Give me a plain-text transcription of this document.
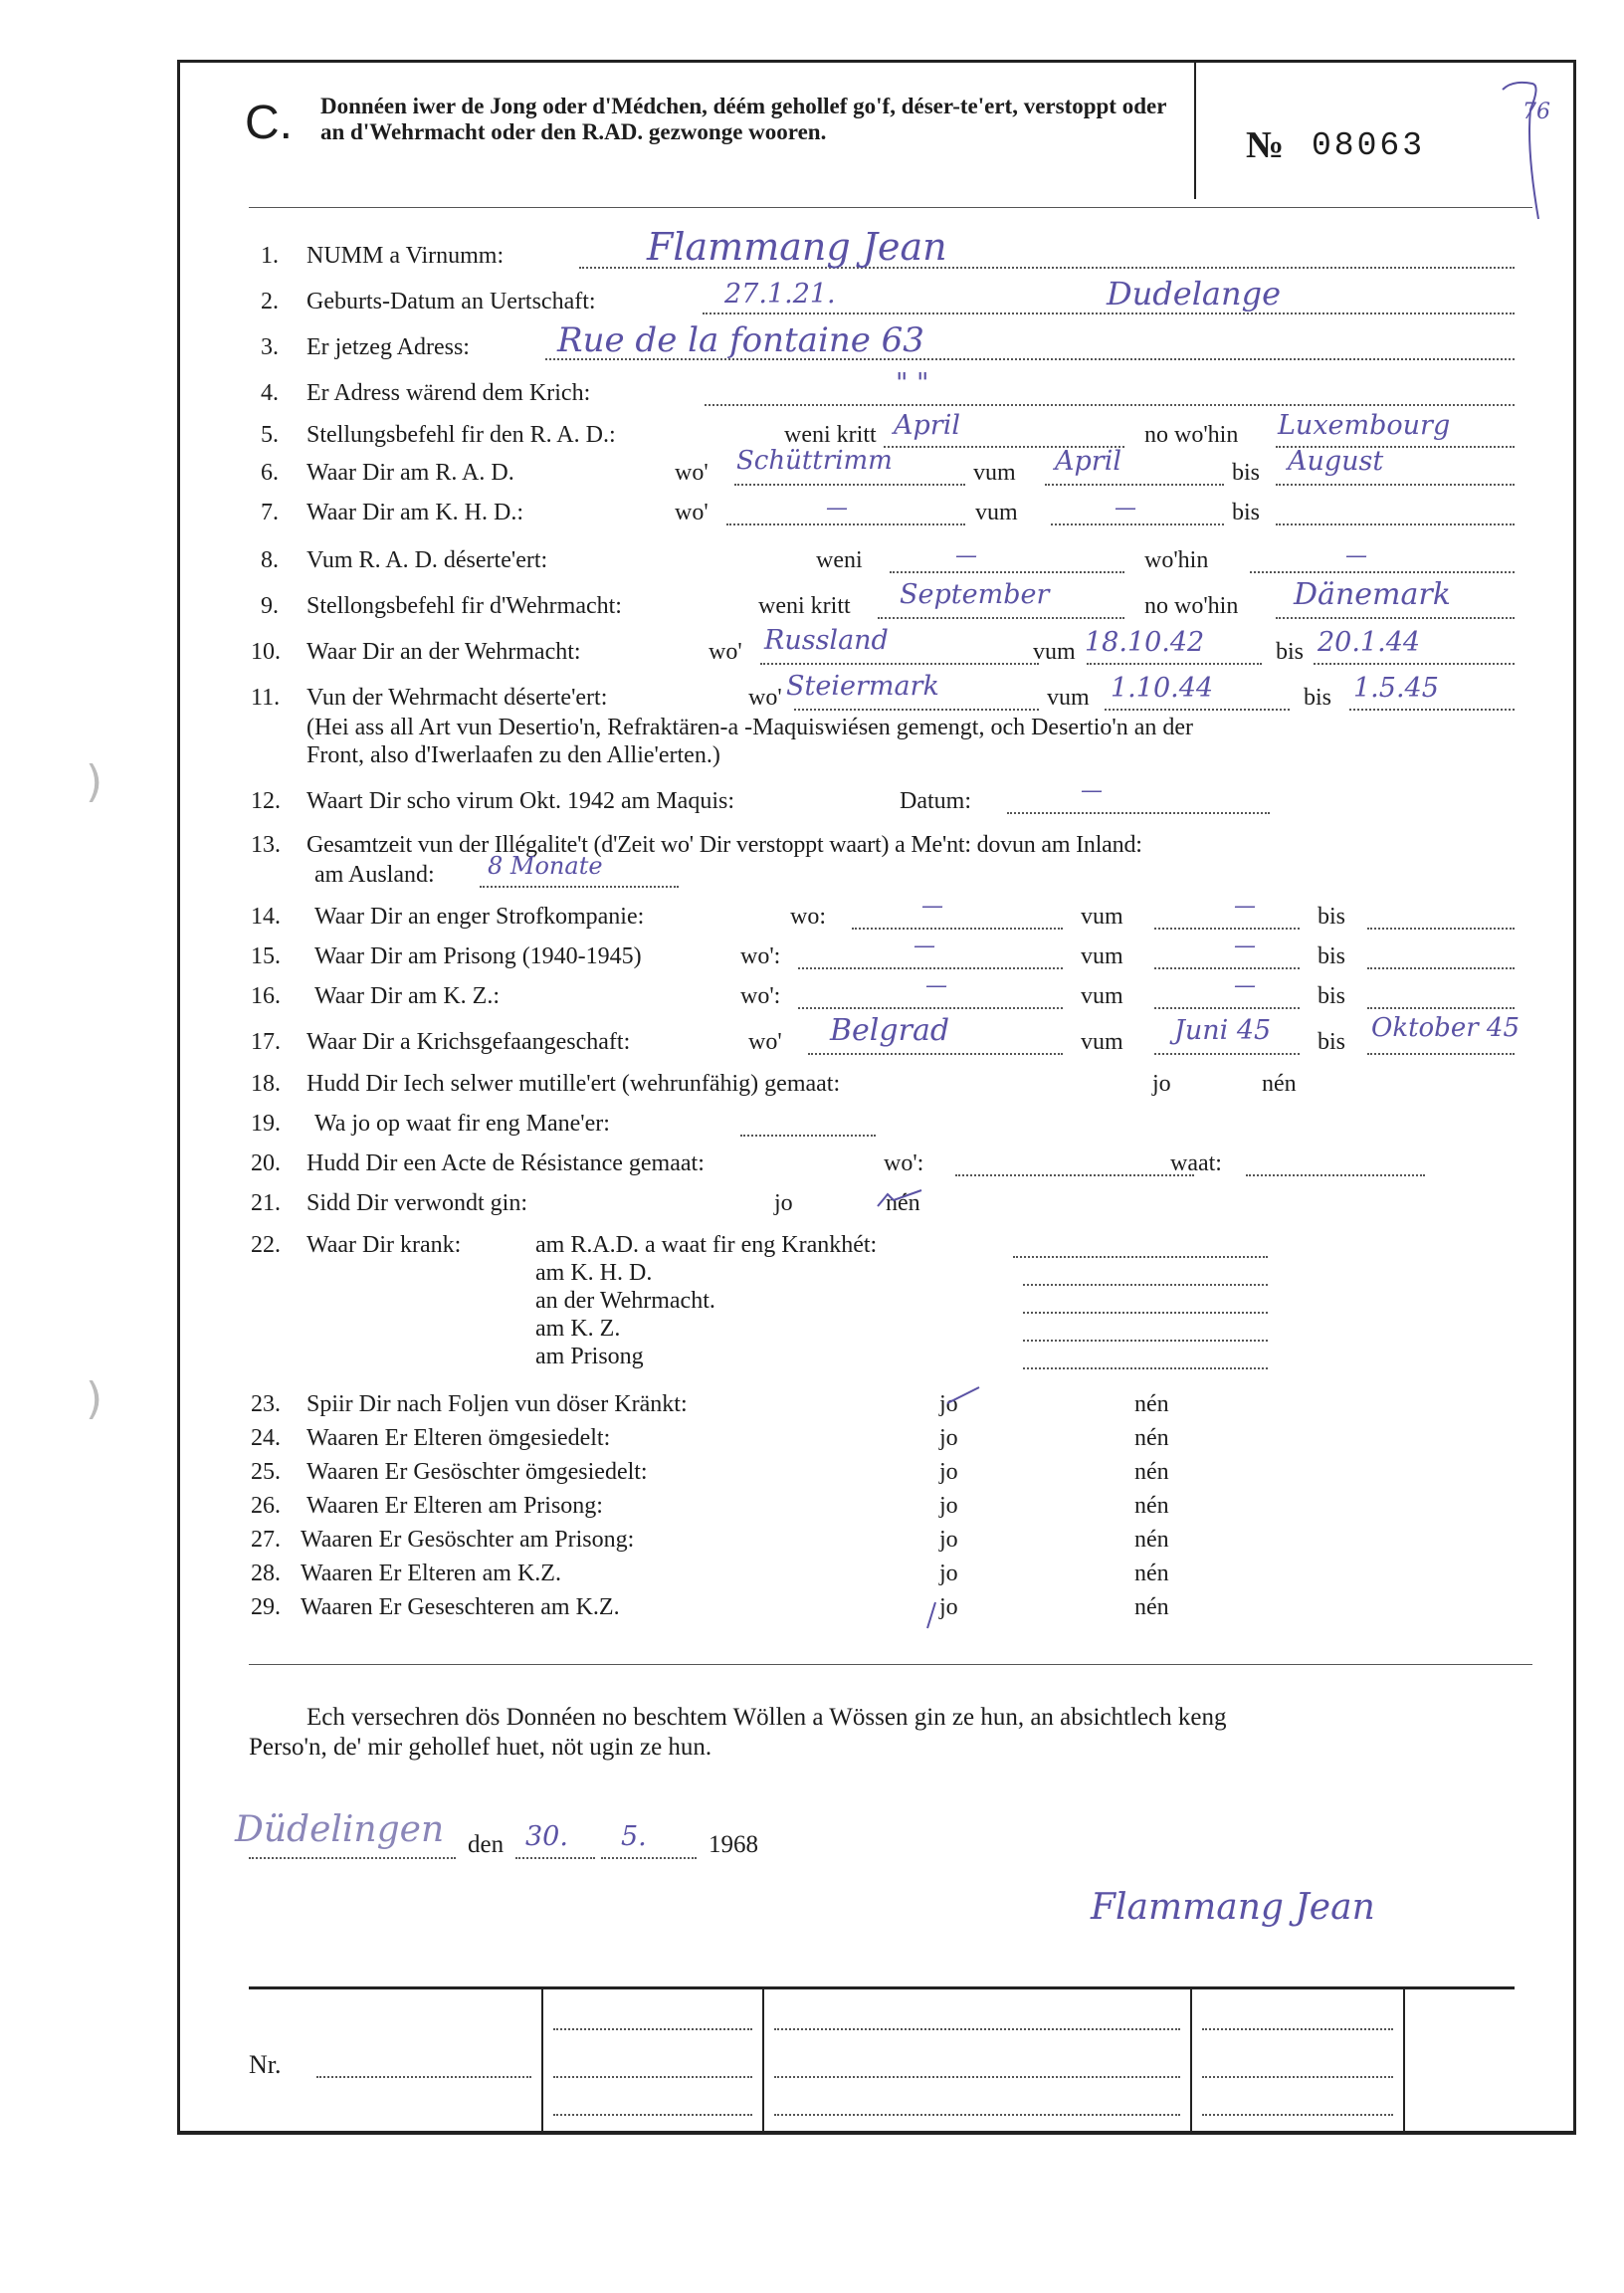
)
)
C. Donnéen iwer de Jong oder d'Médchen, déém gehollef go'f, déser-te'ert, verstoppt oder an d'Wehrmacht oder den R.AD. gezwonge wooren.	№ 08063
76
1. NUMM a Virnumm:	Flammang Jean
2. Geburts-Datum an Uertschaft:	27.1.21.	Dudelange
3. Er jetzeg Adress:	Rue de la fontaine 63
4. Er Adress wärend dem Krich:	" "
5. Stellungsbefehl fir den R. A. D.:	weni kritt April	no wo'hin Luxembourg
6. Waar Dir am R. A. D.	wo' Schüttrimm	vum April	bis August
7. Waar Dir am K. H. D.:	wo'	—	vum	—	bis
8. Vum R. A. D. déserte'ert:	weni	—	wo'hin	—
9. Stellongsbefehl fir d'Wehrmacht:	weni kritt September	no wo'hin Dänemark
10. Waar Dir an der Wehrmacht:	wo' Russland	vum 18.10.42	bis 20.1.44
11. Vun der Wehrmacht déserte'ert:	wo' Steiermark	vum 1.10.44	bis 1.5.45
(Hei ass all Art vun Desertio'n, Refraktären-a -Maquiswiésen gemengt, och Desertio'n an der
Front, also d'Iwerlaafen zu den Allie'erten.)
12. Waart Dir scho virum Okt. 1942 am Maquis:	Datum:	—
13. Gesamtzeit vun der Illégalite't (d'Zeit wo' Dir verstoppt waart) a Me'nt: dovun am Inland:
am Ausland: 8 Monate
14. Waar Dir an enger Strofkompanie:	wo:	—	vum	—	bis
15. Waar Dir am Prisong (1940-1945)	wo':	—	vum	—	bis
16. Waar Dir am K. Z.:	wo':	—	vum	—	bis
17. Waar Dir a Krichsgefaangeschaft:	wo' Belgrad	vum Juni 45 bis Oktober 45
18. Hudd Dir Iech selwer mutille'ert (wehrunfähig) gemaat:	jo	nén
19. Wa jo op waat fir eng Mane'er:
20. Hudd Dir een Acte de Résistance gemaat:	wo':	waat:
21. Sidd Dir verwondt gin:	jo	nén
22. Waar Dir krank:	am R.A.D. a waat fir eng Krankhét:
am K. H. D.
an der Wehrmacht.
am K. Z.
am Prisong
23. Spiir Dir nach Foljen vun döser Kränkt:	jo	nén
24. Waaren Er Elteren ömgesiedelt:	jo	nén
25. Waaren Er Gesöschter ömgesiedelt:	jo	nén
26. Waaren Er Elteren am Prisong:	jo	nén
27. Waaren Er Gesöschter am Prisong:	jo	nén
28. Waaren Er Elteren am K.Z.	jo	nén
29. Waaren Er Geseschteren am K.Z.	jo	nén
Ech versechren dös Donnéen no beschtem Wöllen a Wössen gin ze hun, an absichtlech keng
Perso'n, de' mir gehollef huet, nöt ugin ze hun.
Düdelingen den 30. 5. 1968
Flammang Jean
Nr.
